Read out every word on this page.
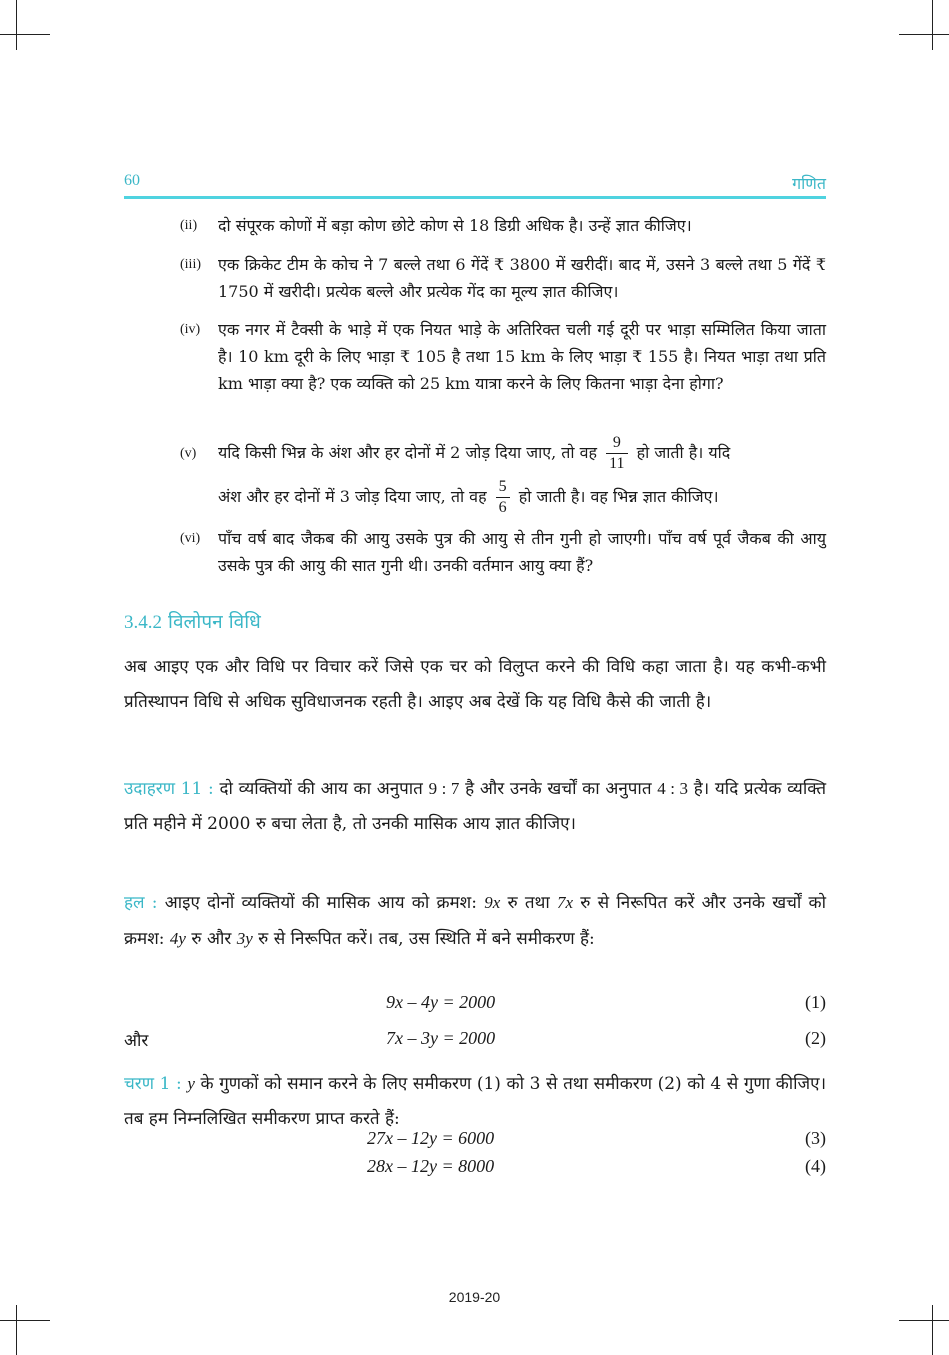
60	गणित
(ii)	दो संपूरक कोणों में बड़ा कोण छोटे कोण से 18 डिग्री अधिक है। उन्हें ज्ञात कीजिए।
(iii)	एक क्रिकेट टीम के कोच ने 7 बल्ले तथा 6 गेंदें ₹ 3800 में खरीदीं। बाद में, उसने 3 बल्ले तथा 5 गेंदें ₹ 1750 में खरीदी। प्रत्येक बल्ले और प्रत्येक गेंद का मूल्य ज्ञात कीजिए।
(iv)	एक नगर में टैक्सी के भाड़े में एक नियत भाड़े के अतिरिक्त चली गई दूरी पर भाड़ा सम्मिलित किया जाता है। 10 km दूरी के लिए भाड़ा ₹ 105 है तथा 15 km के लिए भाड़ा ₹ 155 है। नियत भाड़ा तथा प्रति km भाड़ा क्या है? एक व्यक्ति को 25 km यात्रा करने के लिए कितना भाड़ा देना होगा?
(v)	यदि किसी भिन्न के अंश और हर दोनों में 2 जोड़ दिया जाए, तो वह $\frac{9}{11}$ हो जाती है। यदि
अंश और हर दोनों में 3 जोड़ दिया जाए, तो वह $\frac{5}{6}$ हो जाती है। वह भिन्न ज्ञात कीजिए।
(vi)	पाँच वर्ष बाद जैकब की आयु उसके पुत्र की आयु से तीन गुनी हो जाएगी। पाँच वर्ष पूर्व जैकब की आयु उसके पुत्र की आयु की सात गुनी थी। उनकी वर्तमान आयु क्या हैं?
3.4.2 विलोपन विधि
अब आइए एक और विधि पर विचार करें जिसे एक चर को विलुप्त करने की विधि कहा जाता है। यह कभी-कभी प्रतिस्थापन विधि से अधिक सुविधाजनक रहती है। आइए अब देखें कि यह विधि कैसे की जाती है।
उदाहरण 11 : दो व्यक्तियों की आय का अनुपात 9 : 7 है और उनके खर्चों का अनुपात 4 : 3 है। यदि प्रत्येक व्यक्ति प्रति महीने में 2000 रु बचा लेता है, तो उनकी मासिक आय ज्ञात कीजिए।
हल : आइए दोनों व्यक्तियों की मासिक आय को क्रमश: 9x रु तथा 7x रु से निरूपित करें और उनके खर्चों को क्रमश: 4y रु और 3y रु से निरूपित करें। तब, उस स्थिति में बने समीकरण हैं:
9x – 4y = 2000	(1)
और	7x – 3y = 2000	(2)
चरण 1 : y के गुणकों को समान करने के लिए समीकरण (1) को 3 से तथा समीकरण (2) को 4 से गुणा कीजिए। तब हम निम्नलिखित समीकरण प्राप्त करते हैं:
27x – 12y = 6000	(3)
28x – 12y = 8000	(4)
2019-20
